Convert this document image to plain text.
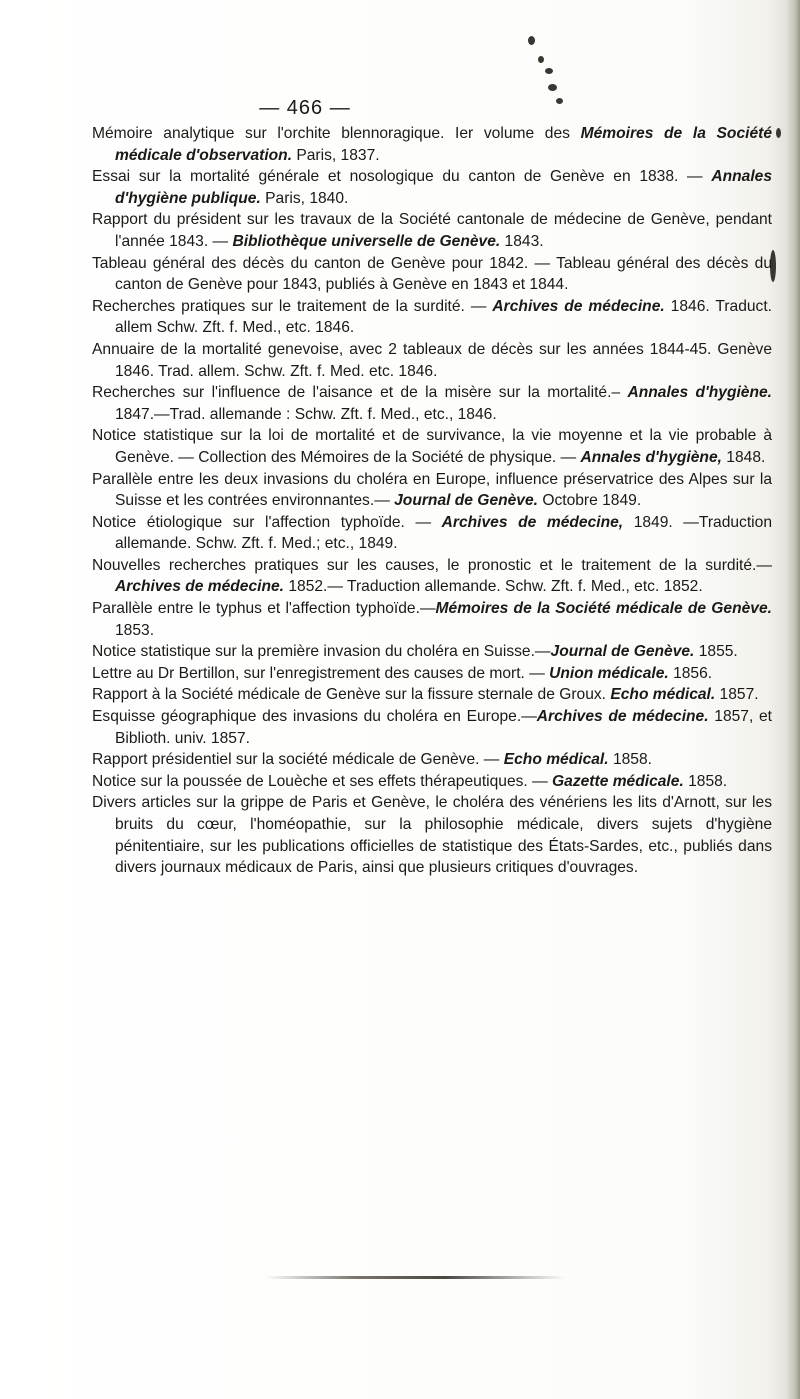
— 466 —

Mémoire analytique sur l'orchite blennoragique. Ier volume des Mémoires de la Société médicale d'observation. Paris, 1837.

Essai sur la mortalité générale et nosologique du canton de Genève en 1838. — Annales d'hygiène publique. Paris, 1840.

Rapport du président sur les travaux de la Société cantonale de médecine de Genève, pendant l'année 1843. — Bibliothèque universelle de Genève. 1843.

Tableau général des décès du canton de Genève pour 1842. — Tableau général des décès du canton de Genève pour 1843, publiés à Genève en 1843 et 1844.

Recherches pratiques sur le traitement de la surdité. — Archives de médecine. 1846. Traduct. allem Schw. Zft. f. Med., etc. 1846.

Annuaire de la mortalité genevoise, avec 2 tableaux de décès sur les années 1844-45. Genève 1846. Trad. allem. Schw. Zft. f. Med. etc. 1846.

Recherches sur l'influence de l'aisance et de la misère sur la mortalité.– Annales d'hygiène. 1847.—Trad. allemande : Schw. Zft. f. Med., etc., 1846.

Notice statistique sur la loi de mortalité et de survivance, la vie moyenne et la vie probable à Genève. — Collection des Mémoires de la Société de physique. — Annales d'hygiène, 1848.

Parallèle entre les deux invasions du choléra en Europe, influence préservatrice des Alpes sur la Suisse et les contrées environnantes.— Journal de Genève. Octobre 1849.

Notice étiologique sur l'affection typhoïde. — Archives de médecine, 1849. —Traduction allemande. Schw. Zft. f. Med.; etc., 1849.

Nouvelles recherches pratiques sur les causes, le pronostic et le traitement de la surdité.—Archives de médecine. 1852.— Traduction allemande. Schw. Zft. f. Med., etc. 1852.

Parallèle entre le typhus et l'affection typhoïde.—Mémoires de la Société médicale de Genève. 1853.

Notice statistique sur la première invasion du choléra en Suisse.—Journal de Genève. 1855.

Lettre au Dr Bertillon, sur l'enregistrement des causes de mort. — Union médicale. 1856.

Rapport à la Société médicale de Genève sur la fissure sternale de Groux. Echo médical. 1857.

Esquisse géographique des invasions du choléra en Europe.—Archives de médecine. 1857, et Biblioth. univ. 1857.

Rapport présidentiel sur la société médicale de Genève. — Echo médical. 1858.

Notice sur la poussée de Louèche et ses effets thérapeutiques. — Gazette médicale. 1858.

Divers articles sur la grippe de Paris et Genève, le choléra des vénériens les lits d'Arnott, sur les bruits du cœur, l'homéopathie, sur la philosophie médicale, divers sujets d'hygiène pénitentiaire, sur les publications officielles de statistique des États-Sardes, etc., publiés dans divers journaux médicaux de Paris, ainsi que plusieurs critiques d'ouvrages.
